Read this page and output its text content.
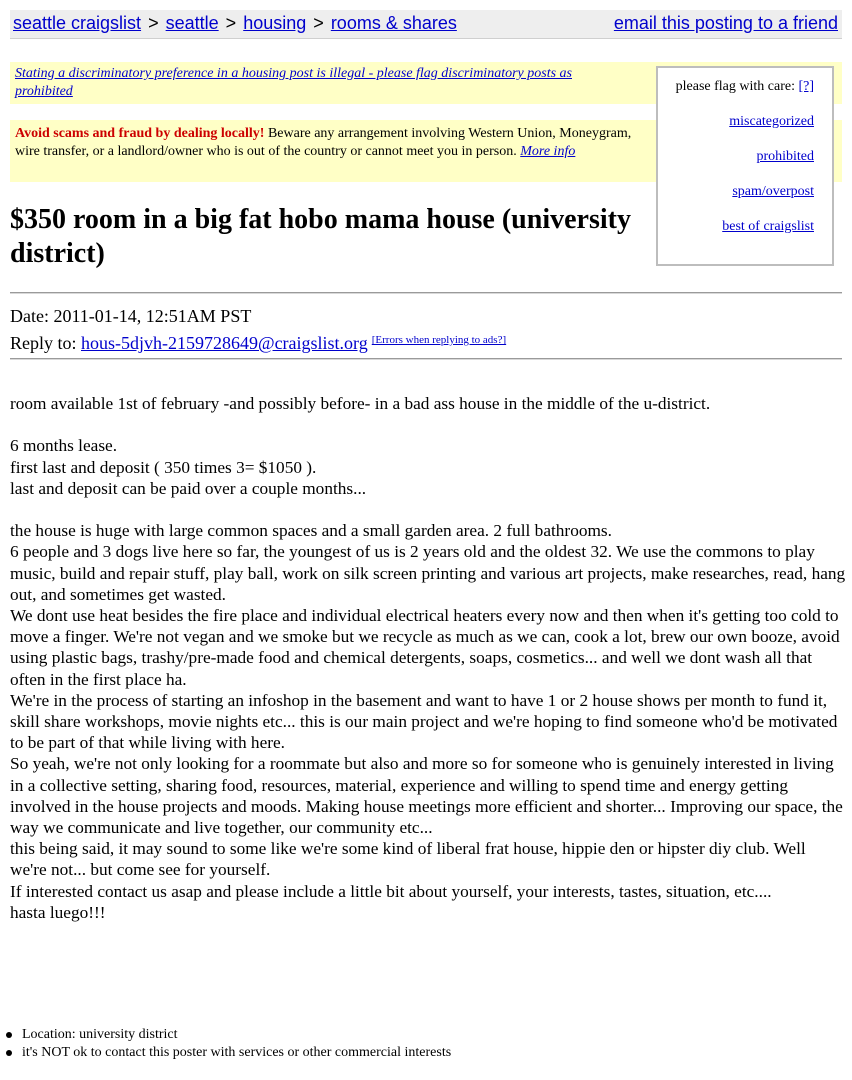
seattle craigslist > seattle > housing > rooms & shares	email this posting to a friend
Stating a discriminatory preference in a housing post is illegal - please flag discriminatory posts as prohibited
Avoid scams and fraud by dealing locally! Beware any arrangement involving Western Union, Moneygram, wire transfer, or a landlord/owner who is out of the country or cannot meet you in person. More info
please flag with care: [?]
miscategorized
prohibited
spam/overpost
best of craigslist
$350 room in a big fat hobo mama house (university district)
Date: 2011-01-14, 12:51AM PST
Reply to: hous-5djvh-2159728649@craigslist.org [Errors when replying to ads?]

room available 1st of february -and possibly before- in a bad ass house in the middle of the u-district.

6 months lease.
first last and deposit ( 350 times 3= $1050 ).
last and deposit can be paid over a couple months...

the house is huge with large common spaces and a small garden area. 2 full bathrooms.
6 people and 3 dogs live here so far, the youngest of us is 2 years old and the oldest 32. We use the commons to play music, build and repair stuff, play ball, work on silk screen printing and various art projects, make researches, read, hang out, and sometimes get wasted.
We dont use heat besides the fire place and individual electrical heaters every now and then when it's getting too cold to move a finger. We're not vegan and we smoke but we recycle as much as we can, cook a lot, brew our own booze, avoid using plastic bags, trashy/pre-made food and chemical detergents, soaps, cosmetics... and well we dont wash all that often in the first place ha.
We're in the process of starting an infoshop in the basement and want to have 1 or 2 house shows per month to fund it, skill share workshops, movie nights etc... this is our main project and we're hoping to find someone who'd be motivated to be part of that while living with here.
So yeah, we're not only looking for a roommate but also and more so for someone who is genuinely interested in living in a collective setting, sharing food, resources, material, experience and willing to spend time and energy getting involved in the house projects and moods. Making house meetings more efficient and shorter... Improving our space, the way we communicate and live together, our community etc...
this being said, it may sound to some like we're some kind of liberal frat house, hippie den or hipster diy club. Well we're not... but come see for yourself.
If interested contact us asap and please include a little bit about yourself, your interests, tastes, situation, etc....
hasta luego!!!

Location: university district
it's NOT ok to contact this poster with services or other commercial interests
